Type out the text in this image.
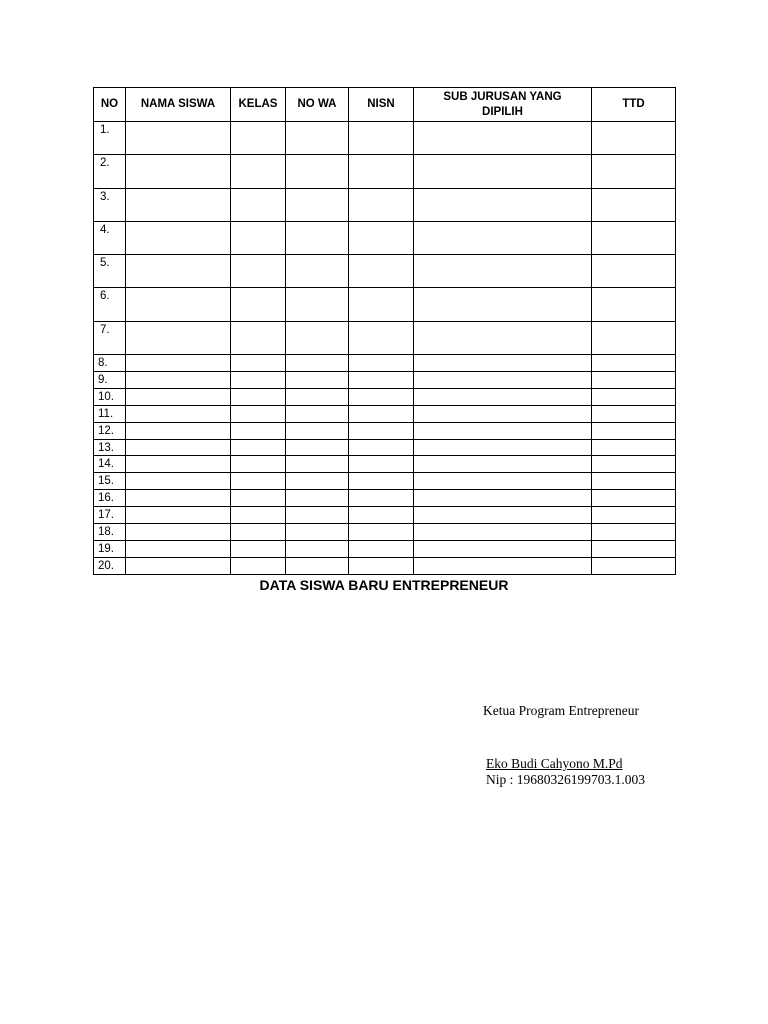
NO	NAMA SISWA	KELAS	NO WA	NISN	SUB JURUSAN YANG DIPILIH	TTD
1.						
2.						
3.						
4.						
5.						
6.						
7.						
8.						
9.						
10.						
11.						
12.						
13.						
14.						
15.						
16.						
17.						
18.						
19.						
20.						
DATA SISWA BARU ENTREPRENEUR
Ketua Program Entrepreneur
Eko Budi Cahyono M.Pd
Nip : 19680326199703.1.003
